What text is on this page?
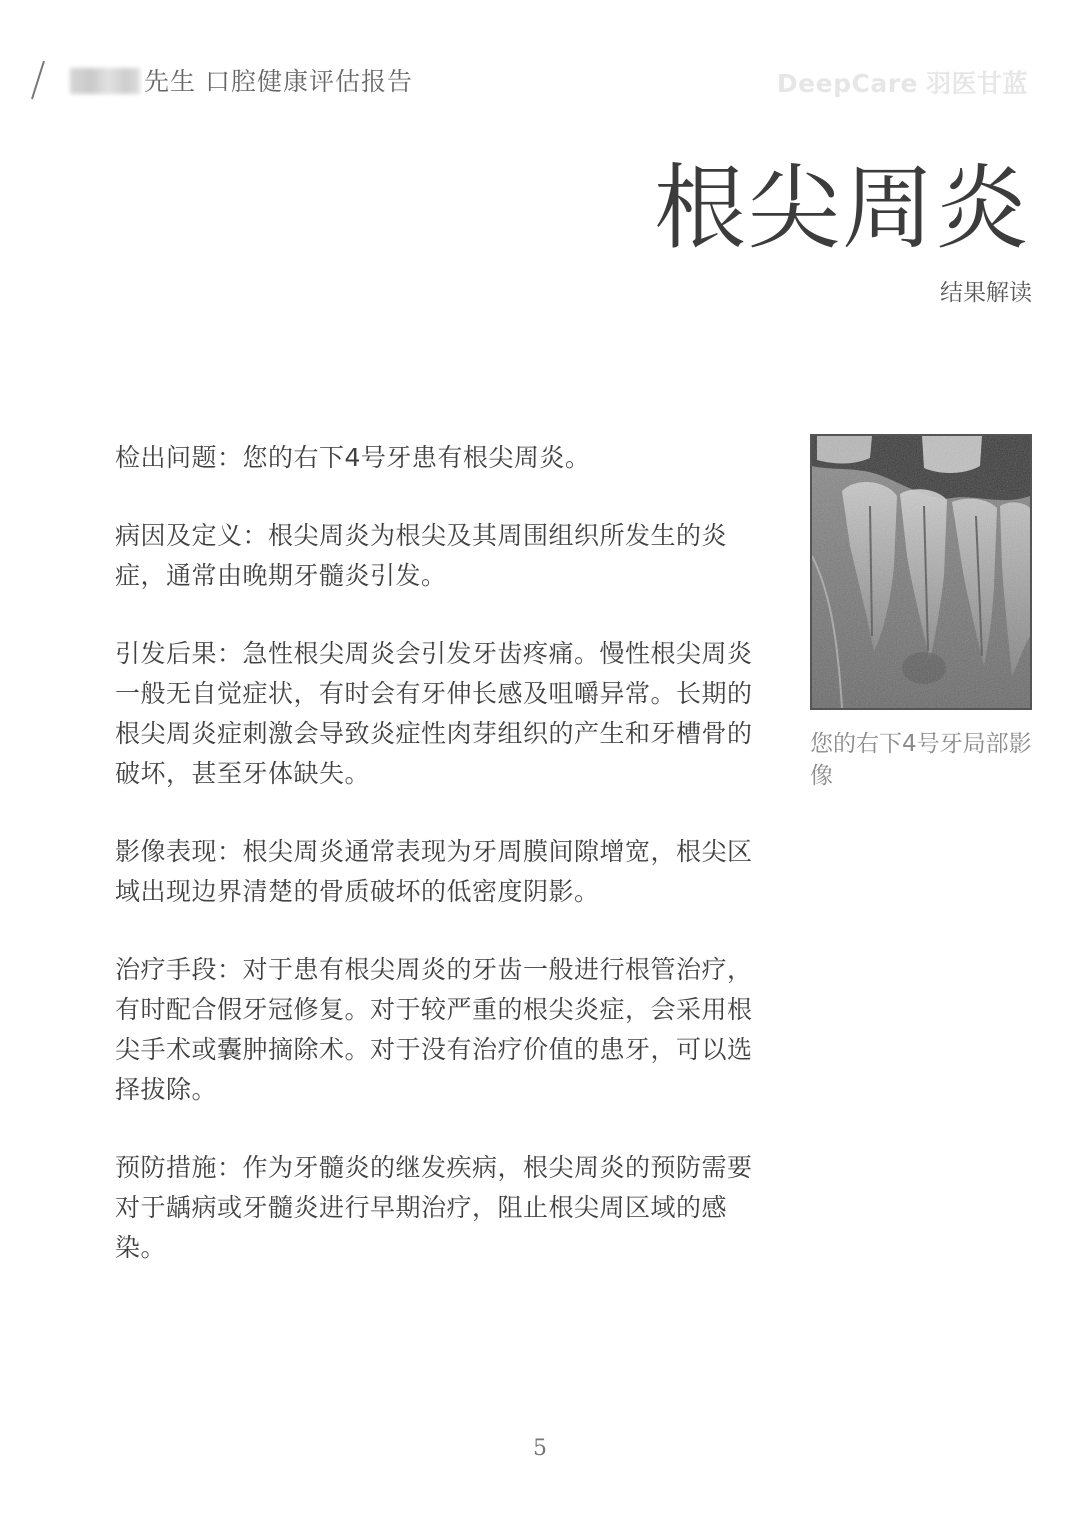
先生 口腔健康评估报告	DeepCare 羽医甘蓝
根尖周炎
结果解读

检出问题：您的右下4号牙患有根尖周炎。

病因及定义：根尖周炎为根尖及其周围组织所发生的炎症，通常由晚期牙髓炎引发。

引发后果：急性根尖周炎会引发牙齿疼痛。慢性根尖周炎一般无自觉症状，有时会有牙伸长感及咀嚼异常。长期的根尖周炎症刺激会导致炎症性肉芽组织的产生和牙槽骨的破坏，甚至牙体缺失。

影像表现：根尖周炎通常表现为牙周膜间隙增宽，根尖区域出现边界清楚的骨质破坏的低密度阴影。

治疗手段：对于患有根尖周炎的牙齿一般进行根管治疗，有时配合假牙冠修复。对于较严重的根尖炎症，会采用根尖手术或囊肿摘除术。对于没有治疗价值的患牙，可以选择拔除。

预防措施：作为牙髓炎的继发疾病，根尖周炎的预防需要对于龋病或牙髓炎进行早期治疗，阻止根尖周区域的感染。

您的右下4号牙局部影像
5
